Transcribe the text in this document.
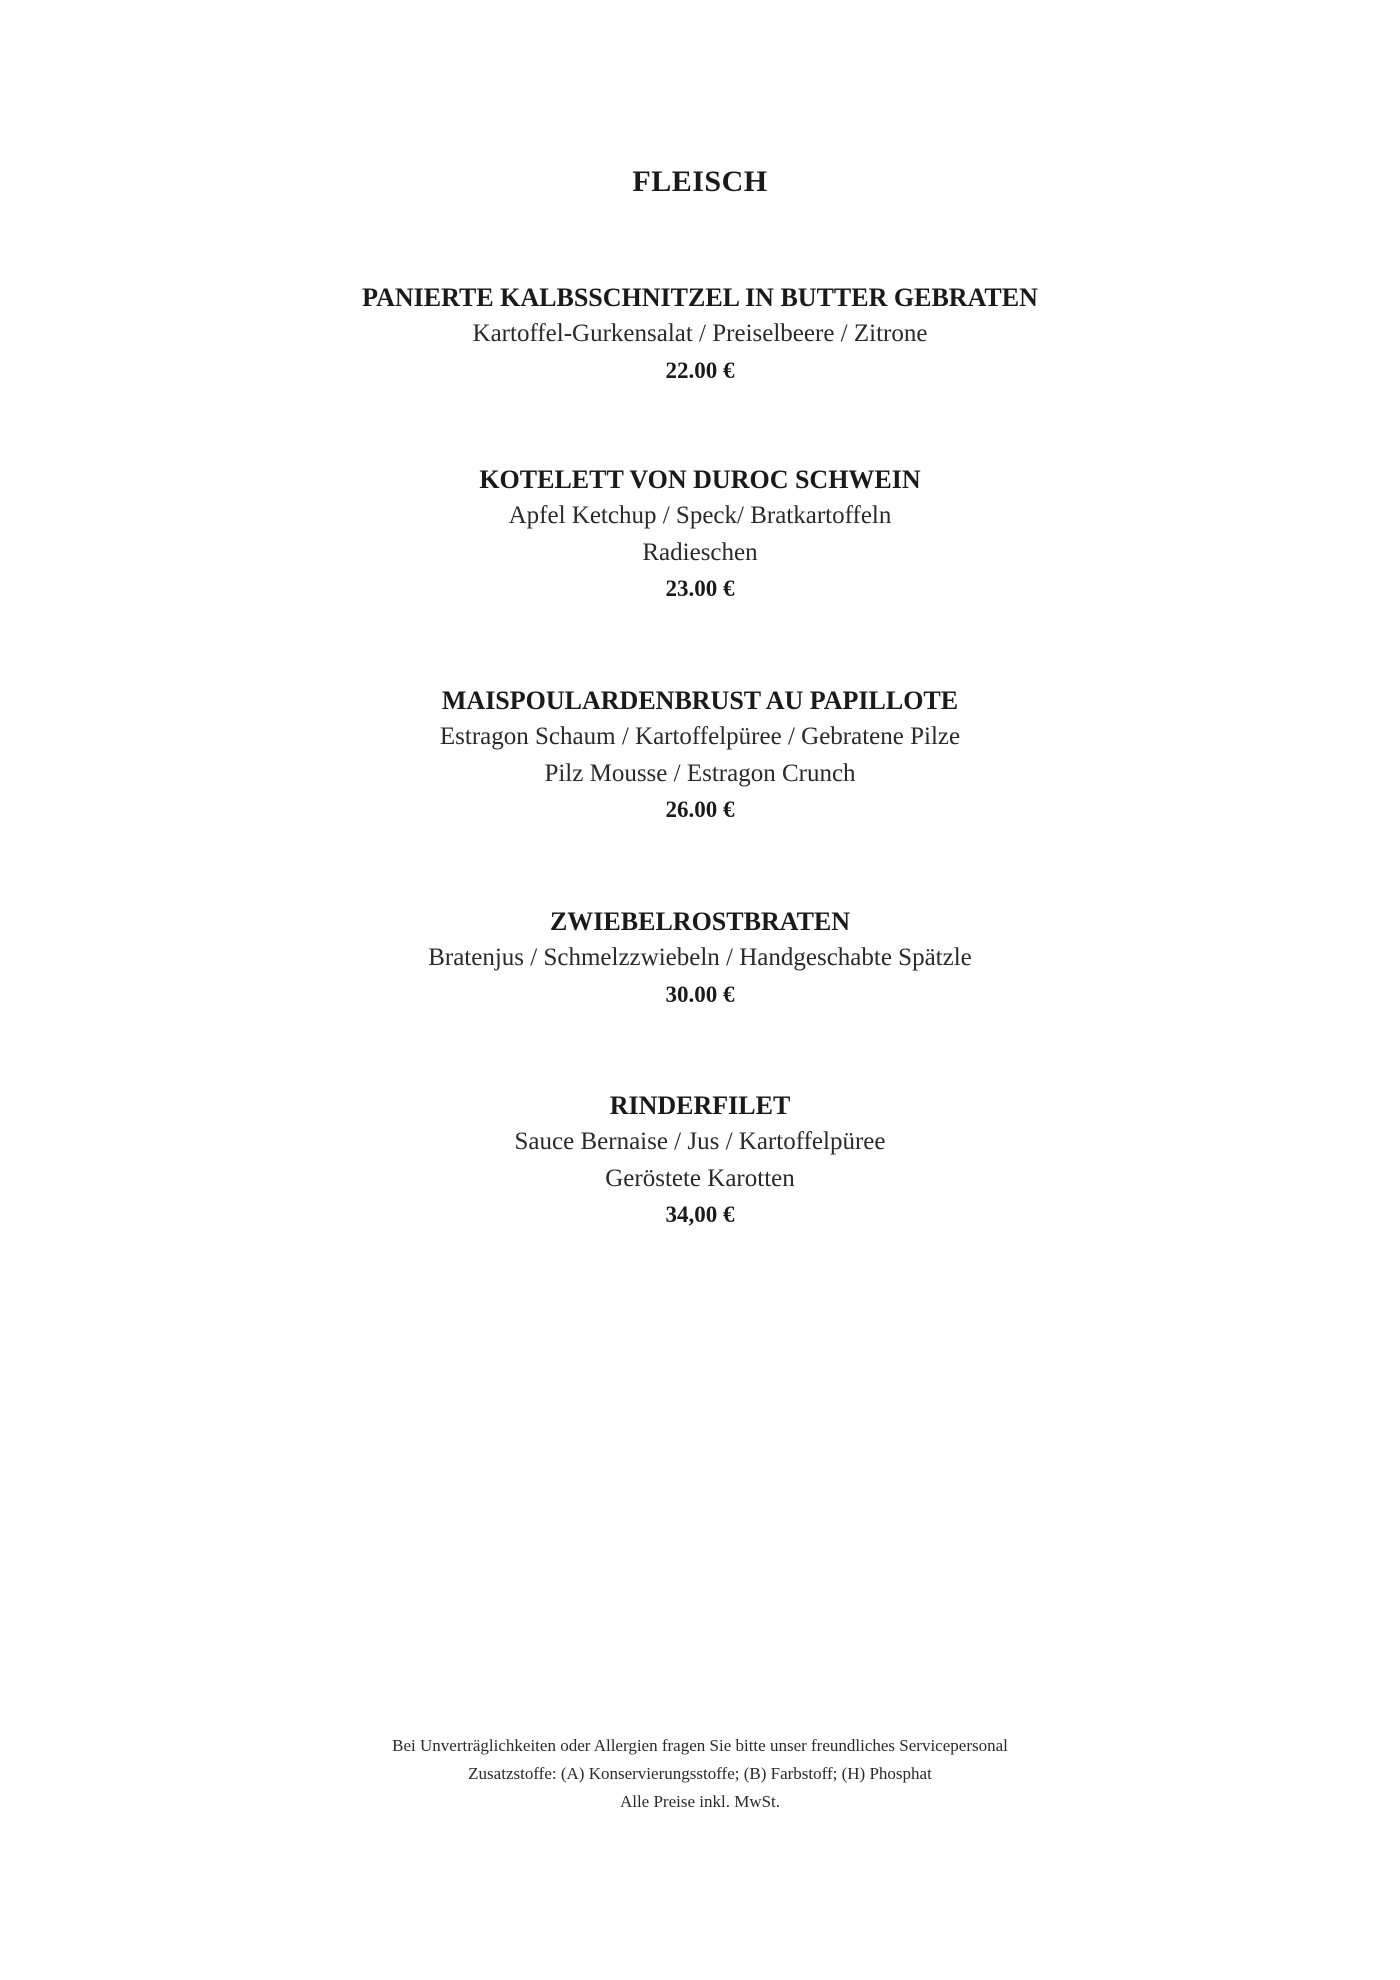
FLEISCH

PANIERTE KALBSSCHNITZEL IN BUTTER GEBRATEN

Kartoffel-Gurkensalat / Preiselbeere / Zitrone

22.00 €

KOTELETT VON DUROC SCHWEIN

Apfel Ketchup / Speck/ Bratkartoffeln

Radieschen

23.00 €

MAISPOULARDENBRUST AU PAPILLOTE

Estragon Schaum / Kartoffelpüree / Gebratene Pilze

Pilz Mousse / Estragon Crunch

26.00 €

ZWIEBELROSTBRATEN

Bratenjus / Schmelzzwiebeln / Handgeschabte Spätzle

30.00 €

RINDERFILET

Sauce Bernaise / Jus / Kartoffelpüree

Geröstete Karotten

34,00 €

Bei Unverträglichkeiten oder Allergien fragen Sie bitte unser freundliches Servicepersonal
Zusatzstoffe: (A) Konservierungsstoffe; (B) Farbstoff; (H) Phosphat
Alle Preise inkl. MwSt.
